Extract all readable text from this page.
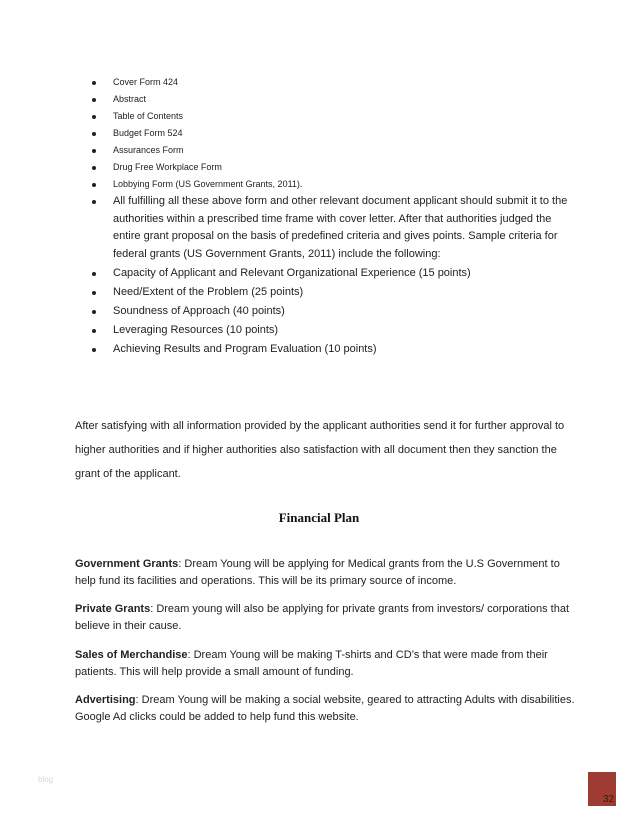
Cover Form 424
Abstract
Table of Contents
Budget Form 524
Assurances Form
Drug Free Workplace Form
Lobbying Form (US Government Grants, 2011).
All fulfilling all these above form and other relevant document applicant should submit it to the authorities within a prescribed time frame with cover letter. After that authorities judged the entire grant proposal on the basis of predefined criteria and gives points. Sample criteria for federal grants (US Government Grants, 2011) include the following:
Capacity of Applicant and Relevant Organizational Experience (15 points)
Need/Extent of the Problem (25 points)
Soundness of Approach (40 points)
Leveraging Resources (10 points)
Achieving Results and Program Evaluation (10 points)

After satisfying with all information provided by the applicant authorities send it for further approval to higher authorities and if higher authorities also satisfaction with all document then they sanction the grant of the applicant.

Financial Plan

Government Grants: Dream Young will be applying for Medical grants from the U.S Government to help fund its facilities and operations. This will be its primary source of income.

Private Grants: Dream young will also be applying for private grants from investors/ corporations that believe in their cause.

Sales of Merchandise: Dream Young will be making T-shirts and CD’s that were made from their patients. This will help provide a small amount of funding.

Advertising: Dream Young will be making a social website, geared to attracting Adults with disabilities. Google Ad clicks could be added to help fund this website.

blog
32
